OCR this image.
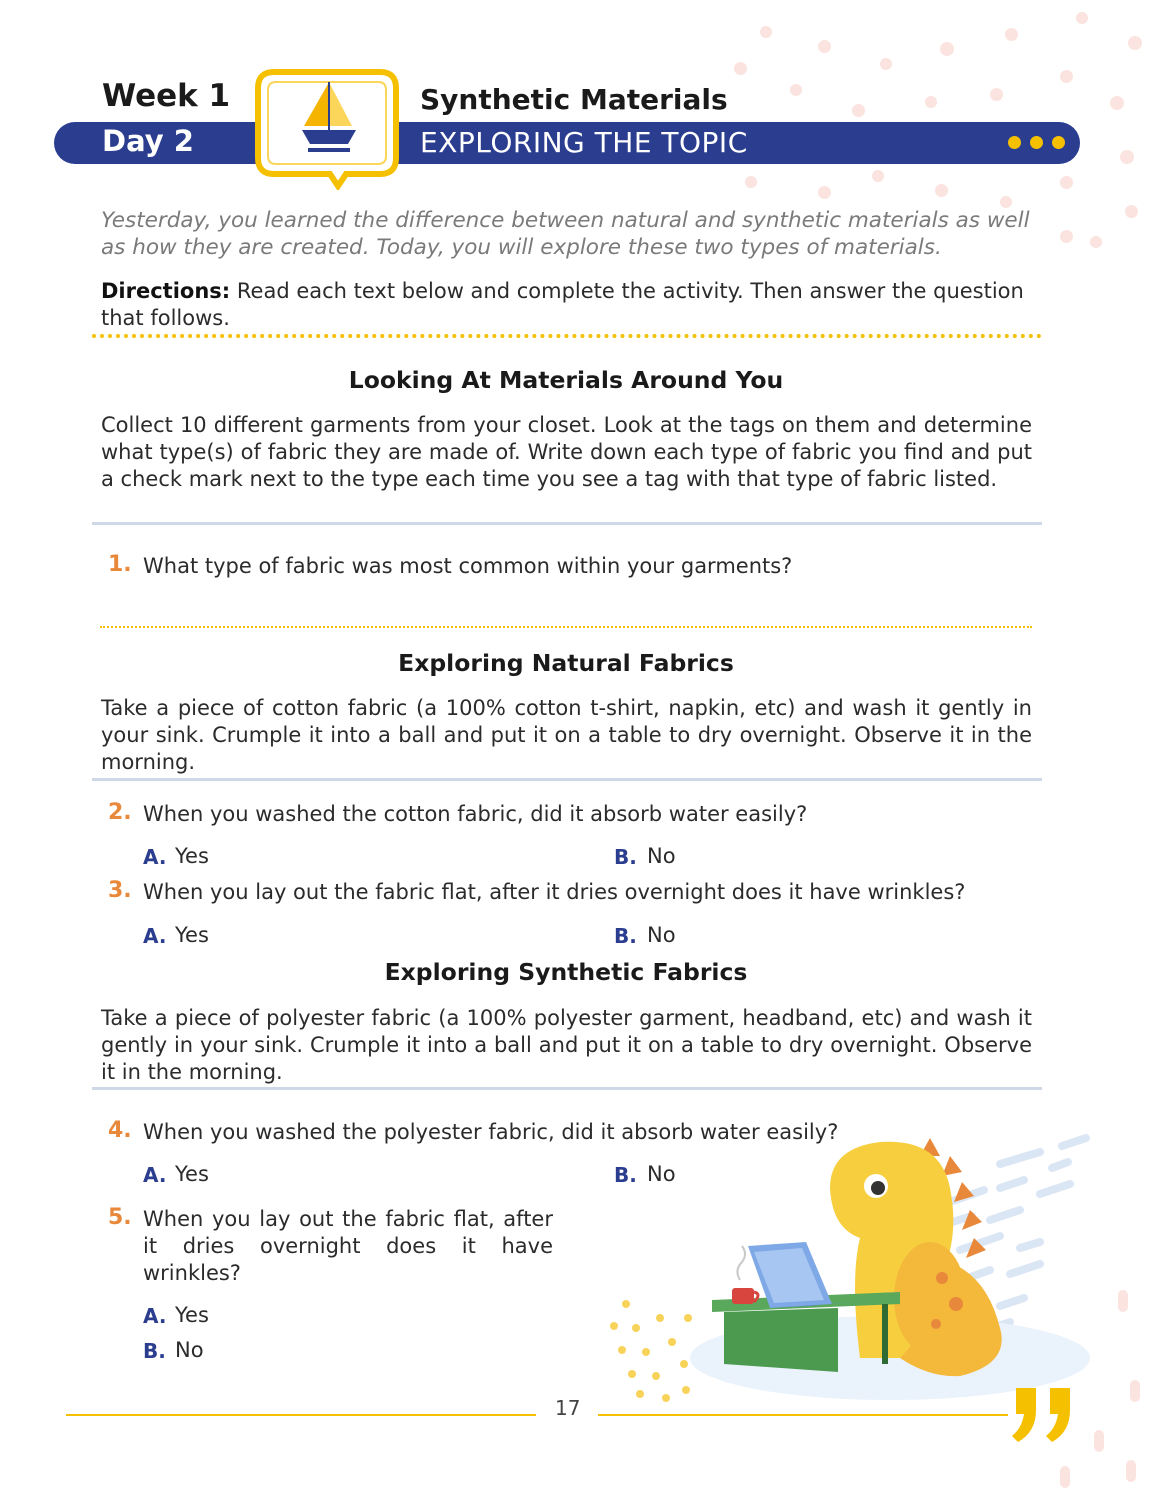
Week 1
Day 2
Synthetic Materials
EXPLORING THE TOPIC
Yesterday, you learned the difference between natural and synthetic materials as well as how they are created. Today, you will explore these two types of materials.
Directions: Read each text below and complete the activity. Then answer the question that follows.
Looking At Materials Around You
Collect 10 different garments from your closet. Look at the tags on them and determine what type(s) of fabric they are made of. Write down each type of fabric you find and put a check mark next to the type each time you see a tag with that type of fabric listed.
1. What type of fabric was most common within your garments?
Exploring Natural Fabrics
Take a piece of cotton fabric (a 100% cotton t-shirt, napkin, etc) and wash it gently in your sink. Crumple it into a ball and put it on a table to dry overnight. Observe it in the morning.
2. When you washed the cotton fabric, did it absorb water easily?
A. Yes	B. No
3. When you lay out the fabric flat, after it dries overnight does it have wrinkles?
A. Yes	B. No
Exploring Synthetic Fabrics
Take a piece of polyester fabric (a 100% polyester garment, headband, etc) and wash it gently in your sink. Crumple it into a ball and put it on a table to dry overnight. Observe it in the morning.
4. When you washed the polyester fabric, did it absorb water easily?
A. Yes	B. No
5. When you lay out the fabric flat, after it dries overnight does it have wrinkles?
A. Yes
B. No
17
